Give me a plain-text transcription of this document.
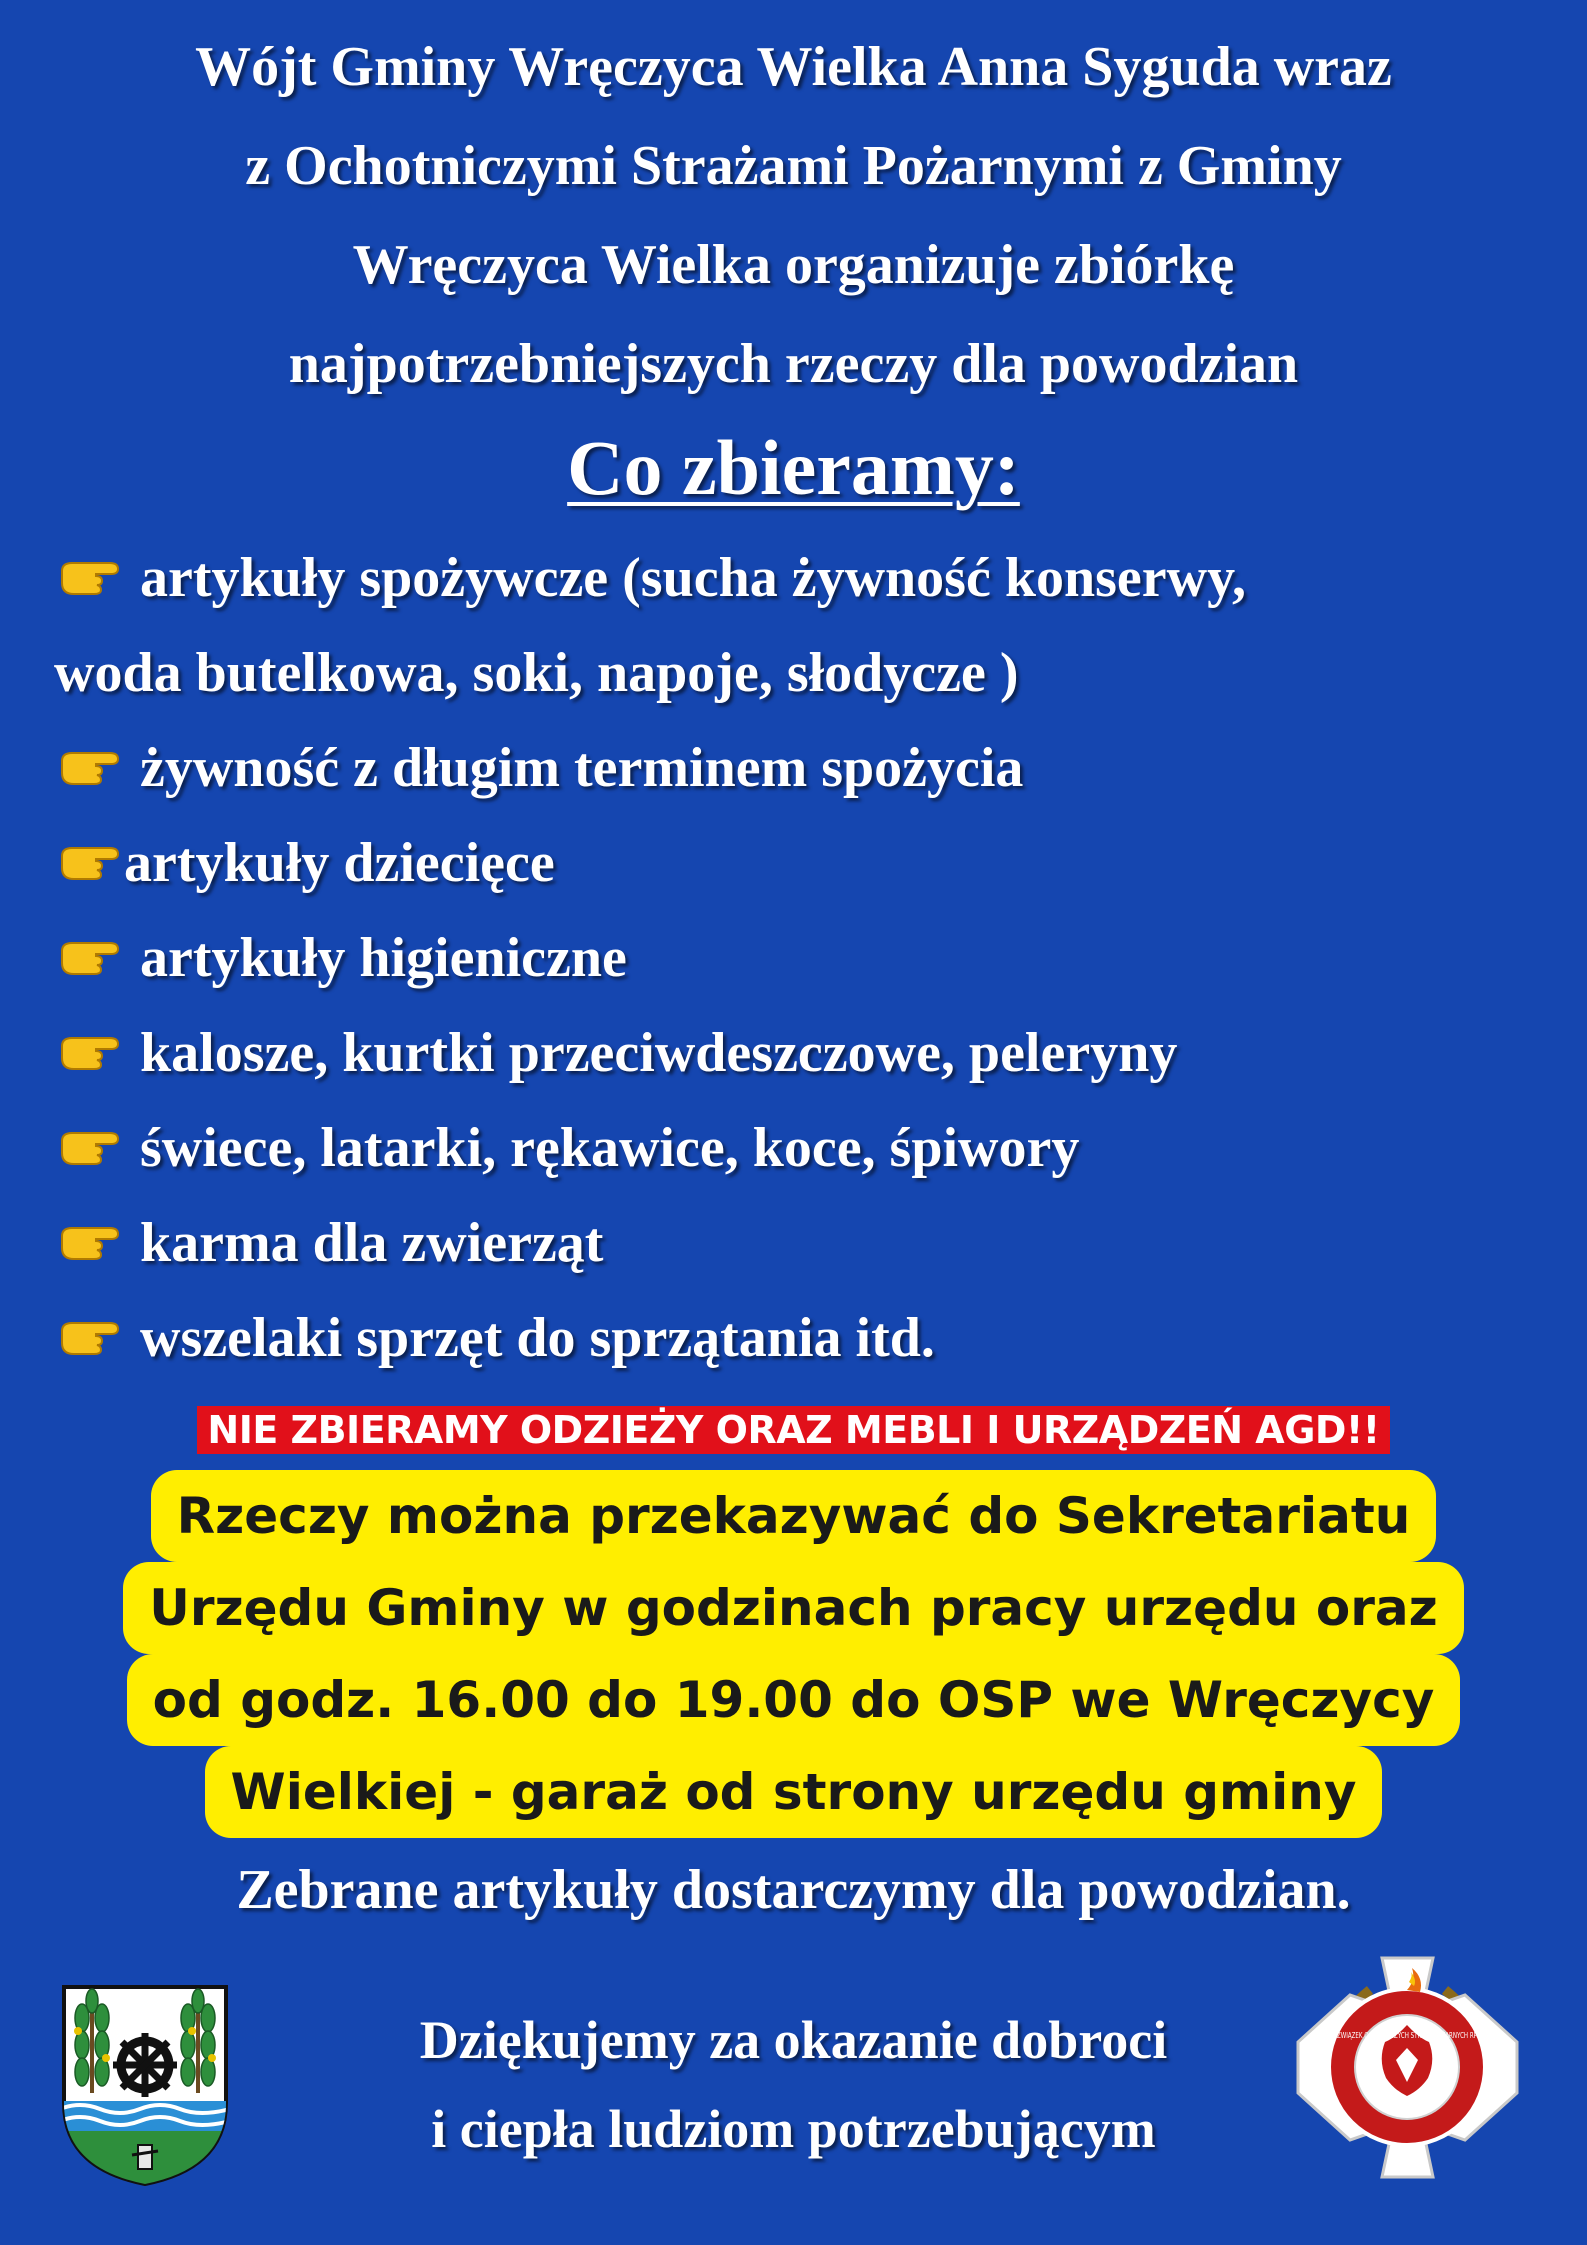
Wójt Gminy Wręczyca Wielka Anna Syguda wraz
z Ochotniczymi Strażami Pożarnymi z Gminy
Wręczyca Wielka organizuje zbiórkę
najpotrzebniejszych rzeczy dla powodzian
Co zbieramy:
artykuły spożywcze (sucha żywność konserwy,
woda butelkowa, soki, napoje, słodycze )
żywność z długim terminem spożycia
artykuły dziecięce
artykuły higieniczne
kalosze, kurtki przeciwdeszczowe, peleryny
świece, latarki, rękawice, koce, śpiwory
karma dla zwierząt
wszelaki sprzęt do sprzątania itd.
NIE ZBIERAMY ODZIEŻY ORAZ MEBLI I URZĄDZEŃ AGD!!
Rzeczy można przekazywać do Sekretariatu
Urzędu Gminy w godzinach pracy urzędu oraz
od godz. 16.00 do 19.00 do OSP we Wręczycy
Wielkiej - garaż od strony urzędu gminy
Zebrane artykuły dostarczymy dla powodzian.
Dziękujemy za okazanie dobroci
i ciepła ludziom potrzebującym
ZWIĄZEK OCHOTNICZYCH STRAŻY POŻARNYCH RP
